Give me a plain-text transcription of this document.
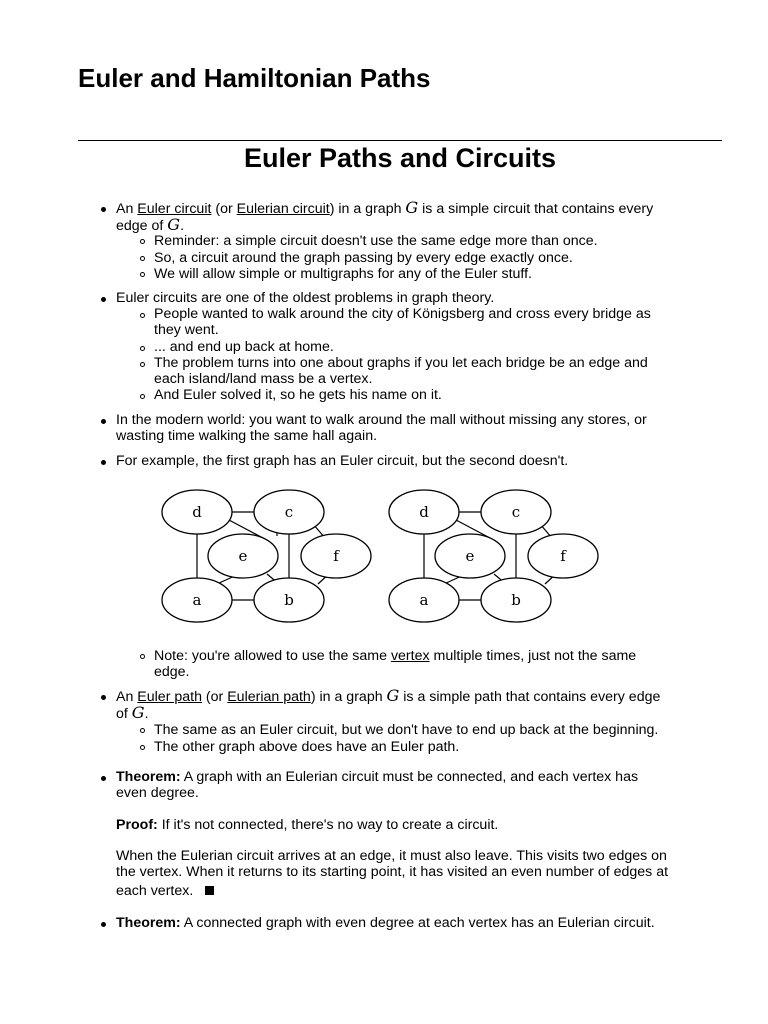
Euler and Hamiltonian Paths
Euler Paths and Circuits
An Euler circuit (or Eulerian circuit) in a graph G is a simple circuit that contains every
edge of G.
Reminder: a simple circuit doesn't use the same edge more than once.
So, a circuit around the graph passing by every edge exactly once.
We will allow simple or multigraphs for any of the Euler stuff.
Euler circuits are one of the oldest problems in graph theory.
People wanted to walk around the city of Königsberg and cross every bridge as
they went.
... and end up back at home.
The problem turns into one about graphs if you let each bridge be an edge and
each island/land mass be a vertex.
And Euler solved it, so he gets his name on it.
In the modern world: you want to walk around the mall without missing any stores, or
wasting time walking the same hall again.
For example, the first graph has an Euler circuit, but the second doesn't.
d	c
e	f
a	b
d	c
e	f
a	b
Note: you're allowed to use the same vertex multiple times, just not the same
edge.
An Euler path (or Eulerian path) in a graph G is a simple path that contains every edge
of G.
The same as an Euler circuit, but we don't have to end up back at the beginning.
The other graph above does have an Euler path.
Theorem: A graph with an Eulerian circuit must be connected, and each vertex has
even degree.
Proof: If it's not connected, there's no way to create a circuit.
When the Eulerian circuit arrives at an edge, it must also leave. This visits two edges on
the vertex. When it returns to its starting point, it has visited an even number of edges at
each vertex.
Theorem: A connected graph with even degree at each vertex has an Eulerian circuit.
